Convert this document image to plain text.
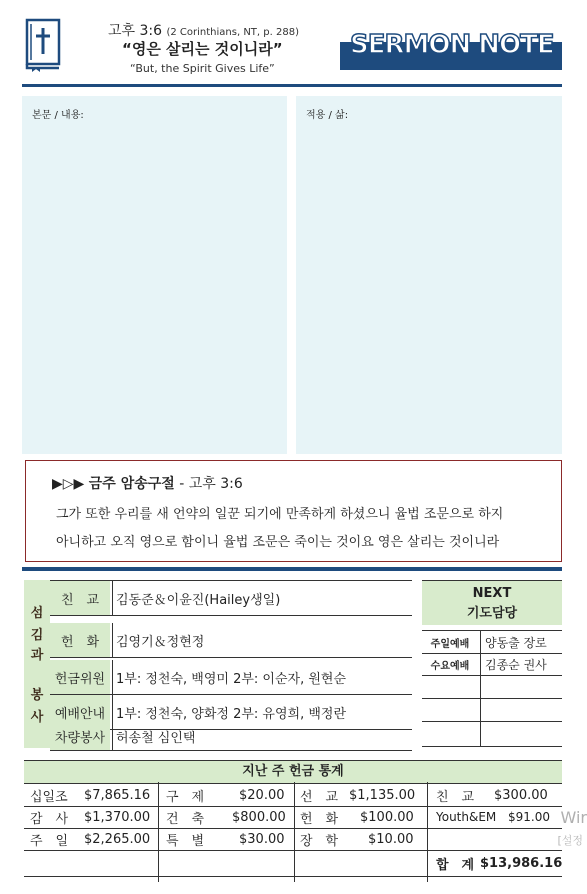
고후 3:6 (2 Corinthians, NT, p. 288)
“영은 살리는 것이니라”
“But, the Spirit Gives Life”
SERMON NOTE
본문 / 내용:	적용 / 삶:
▶▷▶ 금주 암송구절 - 고후 3:6
그가 또한 우리를 새 언약의 일꾼 되기에 만족하게 하셨으니 율법 조문으로 하지
아니하고 오직 영으로 함이니 율법 조문은 죽이는 것이요 영은 살리는 것이니라
섬
김
과
봉
사
친　교	김동준＆이윤진(Hailey생일)
헌　화	김영기＆정현정
헌금위원 1부: 정천숙, 백영미 2부: 이순자, 원현순
예배안내 1부: 정천숙, 양화정 2부: 유영희, 백정란
차량봉사 허송철 심인택
NEXT
기도담당
주일예배	양동출 장로
수요예배	김종순 권사
지난 주 헌금 통계
십일조 $7,865.16 구　제	$20.00 선　교 $1,135.00 친　교 $300.00
감　사 $1,370.00 건　축 $800.00 헌　화 $100.00 Youth&EM $91.00
주　일 $2,265.00 특　별	$30.00 장　학 $10.00
합　계 $13,986.16
Wir
[설정
